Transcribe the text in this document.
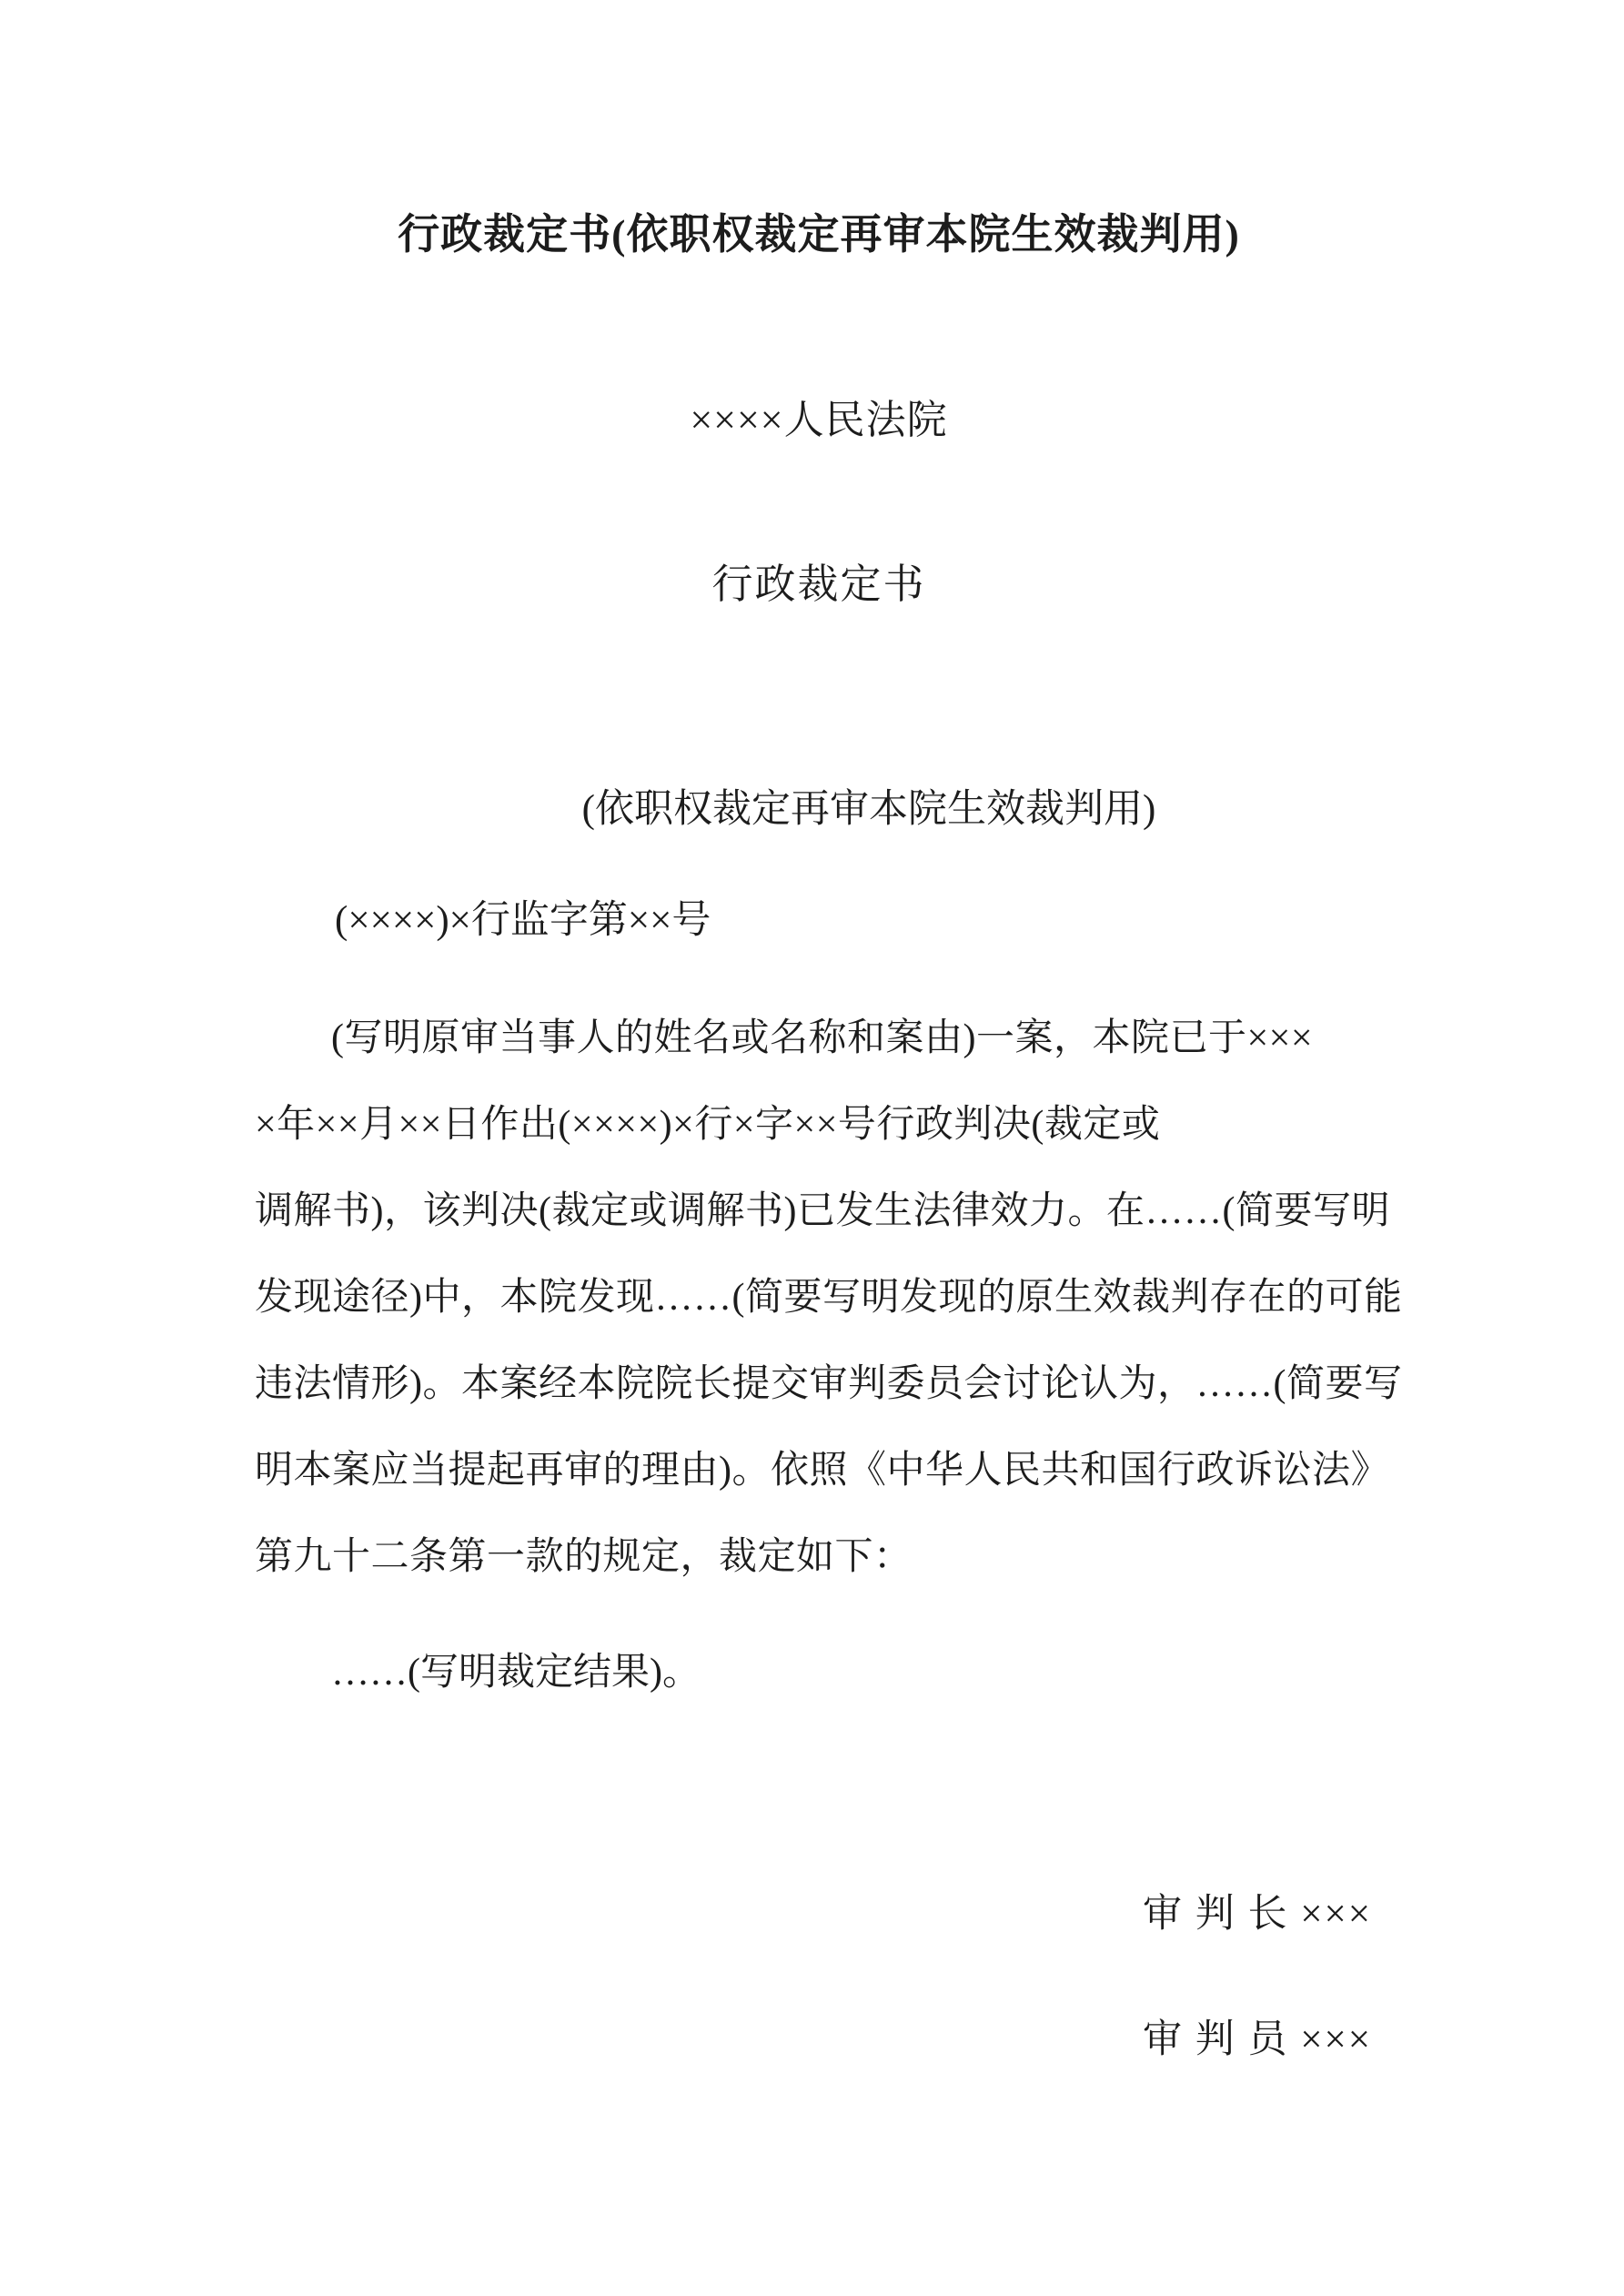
行政裁定书(依职权裁定再审本院生效裁判用)
××××人民法院
行政裁定书
(依职权裁定再审本院生效裁判用)
(××××)×行监字第××号
(写明原审当事人的姓名或名称和案由)一案，本院已于×××
×年××月××日作出(××××)×行×字××号行政判决(裁定或
调解书)，该判决(裁定或调解书)已发生法律效力。在……(简要写明
发现途径)中，本院发现……(简要写明发现的原生效裁判存在的可能
违法情形)。本案经本院院长提交审判委员会讨论认为，……(简要写
明本案应当提起再审的理由)。依照《中华人民共和国行政诉讼法》
第九十二条第一款的规定，裁定如下：
……(写明裁定结果)。
审 判 长 ×××
审 判 员 ×××
